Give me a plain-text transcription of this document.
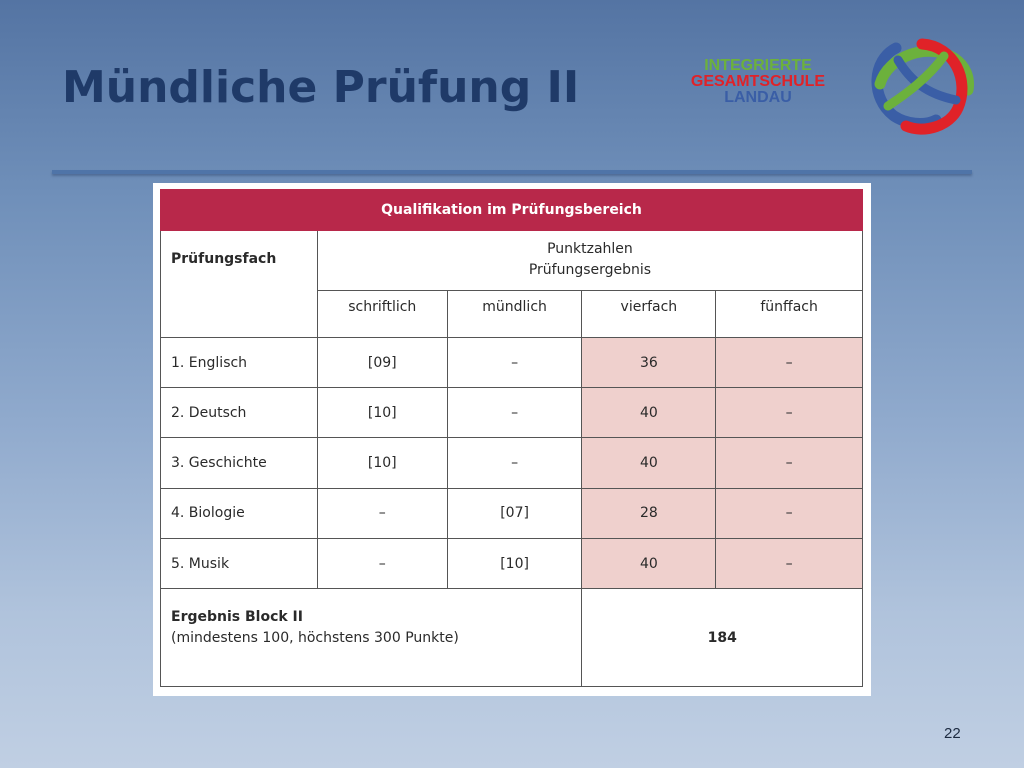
Mündliche Prüfung II	INTEGRIERTE
GESAMTSCHULE
LANDAU
Qualifikation im Prüfungsbereich				
Prüfungsfach	Punktzahlen
Prüfungsergebnis			
	schriftlich	mündlich	vierfach	fünffach
1. Englisch	[09]	–	36	–
2. Deutsch	[10]	–	40	–
3. Geschichte	[10]	–	40	–
4. Biologie	–	[07]	28	–
5. Musik	–	[10]	40	–
Ergebnis Block II
(mindestens 100, höchstens 300 Punkte)			184	
22
